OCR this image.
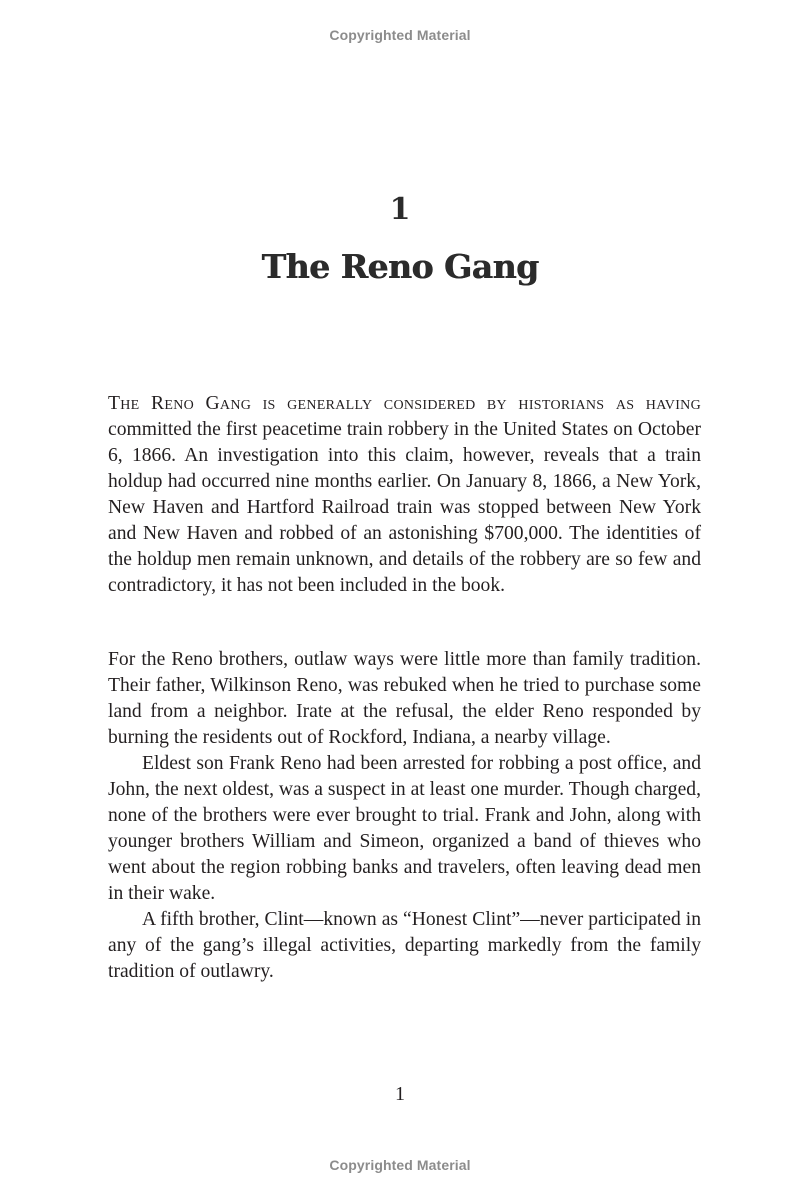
Copyrighted Material
1
The Reno Gang

The Reno Gang is generally considered by historians as having committed the first peacetime train robbery in the United States on October 6, 1866. An investigation into this claim, however, reveals that a train holdup had occurred nine months earlier. On January 8, 1866, a New York, New Haven and Hartford Railroad train was stopped between New York and New Haven and robbed of an astonishing $700,000. The identities of the holdup men remain unknown, and details of the robbery are so few and contradictory, it has not been included in the book.

For the Reno brothers, outlaw ways were little more than family tradition. Their father, Wilkinson Reno, was rebuked when he tried to purchase some land from a neighbor. Irate at the refusal, the elder Reno responded by burning the residents out of Rockford, Indiana, a nearby village.

Eldest son Frank Reno had been arrested for robbing a post office, and John, the next oldest, was a suspect in at least one murder. Though charged, none of the brothers were ever brought to trial. Frank and John, along with younger brothers William and Simeon, organized a band of thieves who went about the region robbing banks and travelers, often leaving dead men in their wake.

A fifth brother, Clint—known as “Honest Clint”—never participated in any of the gang’s illegal activities, departing markedly from the family tradition of outlawry.

1
Copyrighted Material
